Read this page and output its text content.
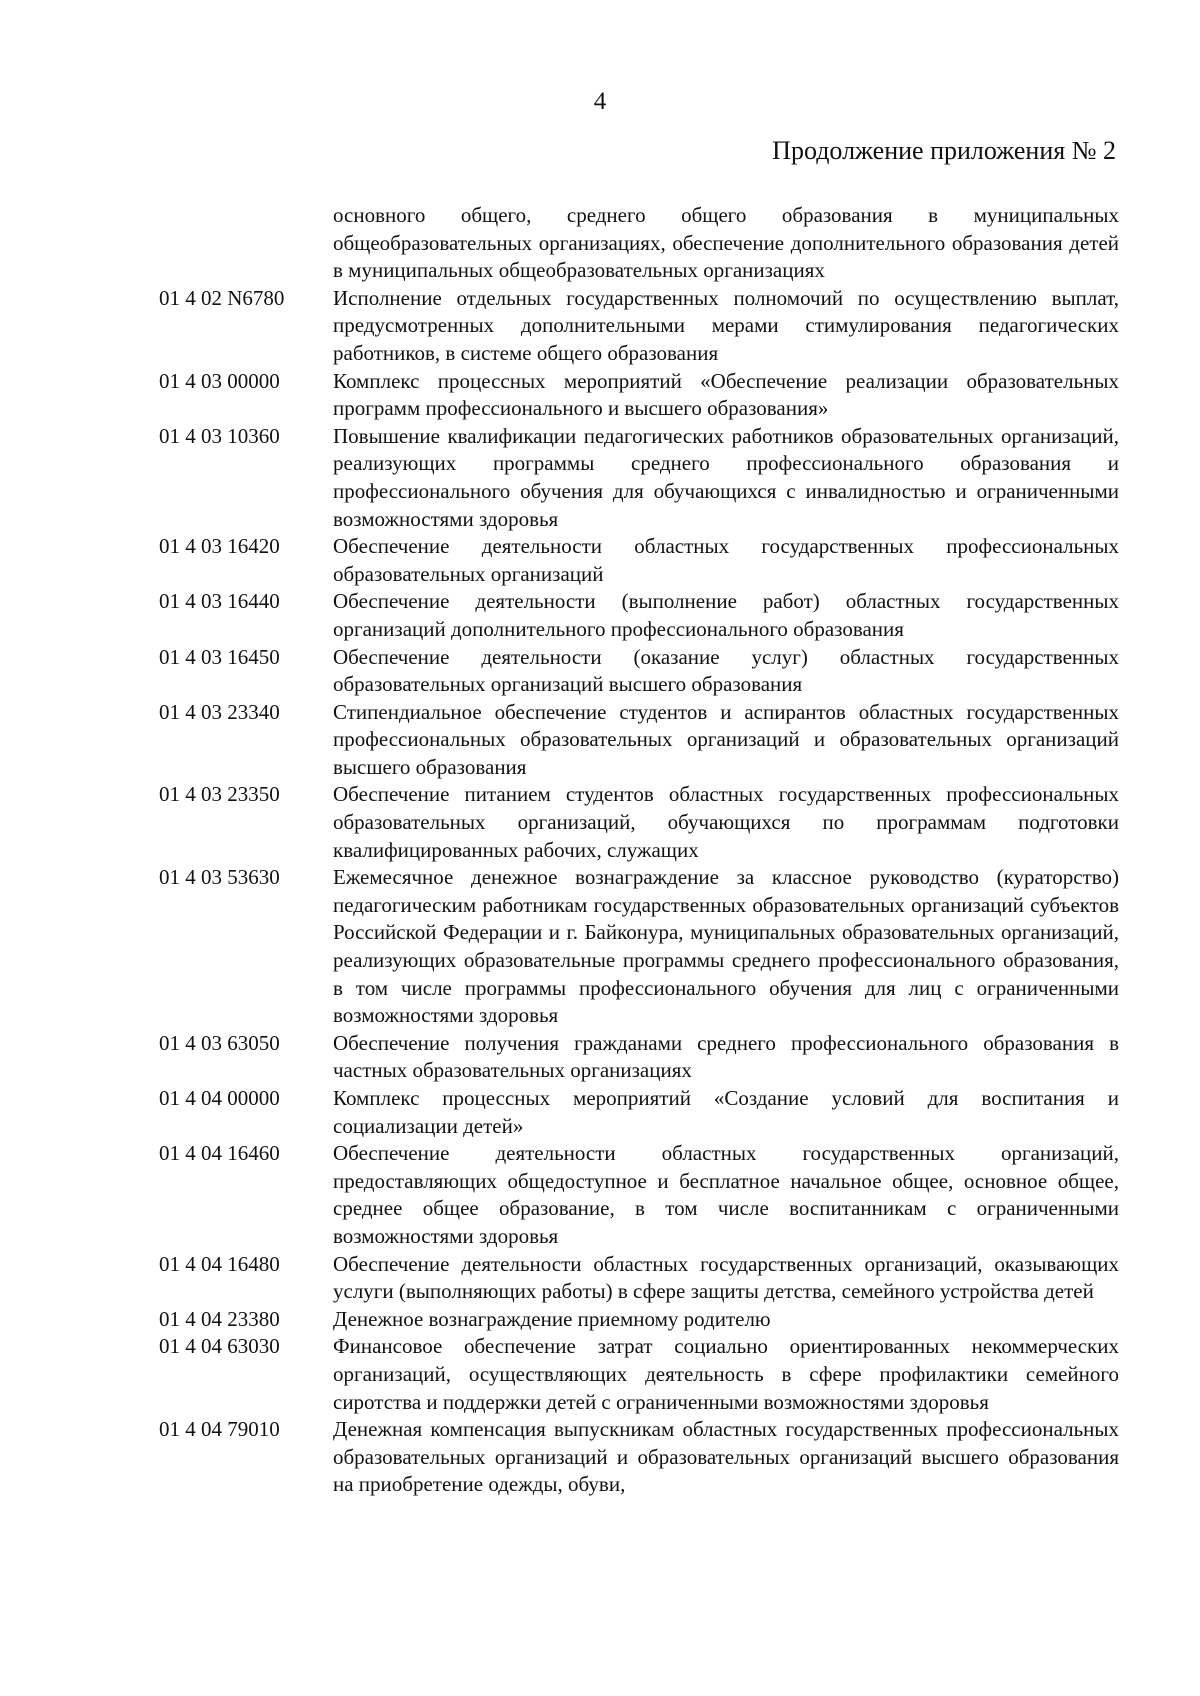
4
Продолжение приложения № 2
основного общего, среднего общего образования в муниципальных общеобразовательных организациях, обеспечение дополнительного образования детей в муниципальных общеобразовательных организациях
01 4 02 N6780	Исполнение отдельных государственных полномочий по осуществлению выплат, предусмотренных дополнительными мерами стимулирования педагогических работников, в системе общего образования
01 4 03 00000	Комплекс процессных мероприятий «Обеспечение реализации образовательных программ профессионального и высшего образования»
01 4 03 10360	Повышение квалификации педагогических работников образовательных организаций, реализующих программы среднего профессионального образования и профессионального обучения для обучающихся с инвалидностью и ограниченными возможностями здоровья
01 4 03 16420	Обеспечение деятельности областных государственных профессиональных образовательных организаций
01 4 03 16440	Обеспечение деятельности (выполнение работ) областных государственных организаций дополнительного профессионального образования
01 4 03 16450	Обеспечение деятельности (оказание услуг) областных государственных образовательных организаций высшего образования
01 4 03 23340	Стипендиальное обеспечение студентов и аспирантов областных государственных профессиональных образовательных организаций и образовательных организаций высшего образования
01 4 03 23350	Обеспечение питанием студентов областных государственных профессиональных образовательных организаций, обучающихся по программам подготовки квалифицированных рабочих, служащих
01 4 03 53630	Ежемесячное денежное вознаграждение за классное руководство (кураторство) педагогическим работникам государственных образовательных организаций субъектов Российской Федерации и г. Байконура, муниципальных образовательных организаций, реализующих образовательные программы среднего профессионального образования, в том числе программы профессионального обучения для лиц с ограниченными возможностями здоровья
01 4 03 63050	Обеспечение получения гражданами среднего профессионального образования в частных образовательных организациях
01 4 04 00000	Комплекс процессных мероприятий «Создание условий для воспитания и социализации детей»
01 4 04 16460	Обеспечение деятельности областных государственных организаций, предоставляющих общедоступное и бесплатное начальное общее, основное общее, среднее общее образование, в том числе воспитанникам с ограниченными возможностями здоровья
01 4 04 16480	Обеспечение деятельности областных государственных организаций, оказывающих услуги (выполняющих работы) в сфере защиты детства, семейного устройства детей
01 4 04 23380	Денежное вознаграждение приемному родителю
01 4 04 63030	Финансовое обеспечение затрат социально ориентированных некоммерческих организаций, осуществляющих деятельность в сфере профилактики семейного сиротства и поддержки детей с ограниченными возможностями здоровья
01 4 04 79010	Денежная компенсация выпускникам областных государственных профессиональных образовательных организаций и образовательных организаций высшего образования на приобретение одежды, обуви,
